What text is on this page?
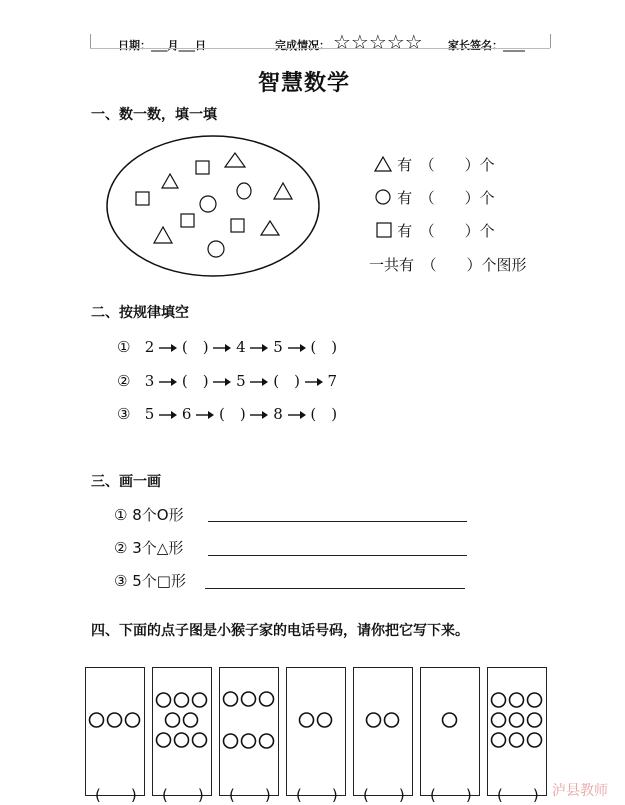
日期：___月___日	完成情况： ☆☆☆☆☆ 家长签名：____
智慧数学
一、数一数，填一填
有　（　　）个
有　（　　）个
有　（　　）个
一共有　（　　）个图形
二、按规律填空
① 2 (　) 4 5 (　)
② 3 (　) 5 (　) 7
③ 5 6 (　) 8 (　)
三、画一画
① 8个O形
② 3个△形
③ 5个□形
四、下面的点子图是小猴子家的电话号码，请你把它写下来。
(　　) (　　) (　　) (　　) (　　) (　　) (　　) 泸县教师
